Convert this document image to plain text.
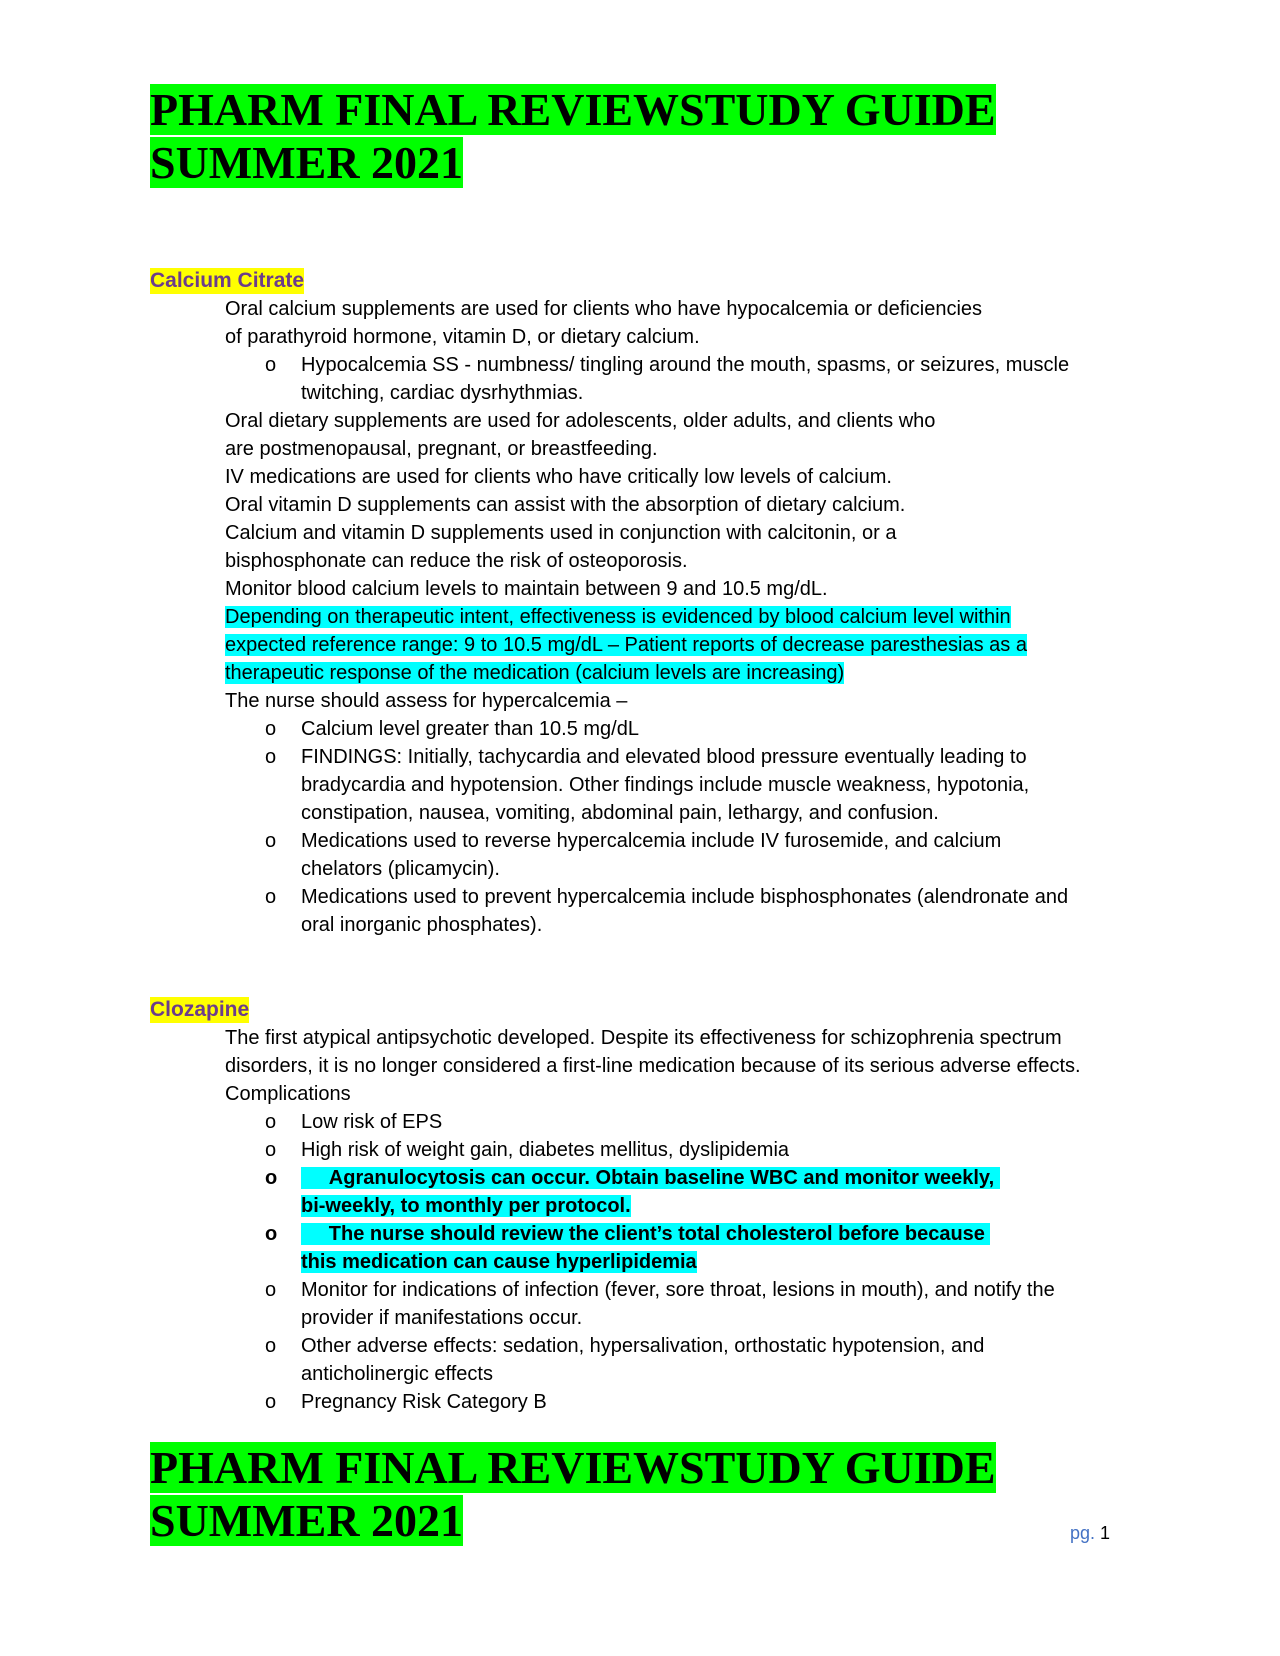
PHARM FINAL REVIEWSTUDY GUIDE
SUMMER 2021
Calcium Citrate

Oral calcium supplements are used for clients who have hypocalcemia or deficiencies

of parathyroid hormone, vitamin D, or dietary calcium.

o Hypocalcemia SS - numbness/ tingling around the mouth, spasms, or seizures, muscle twitching, cardiac dysrhythmias.

Oral dietary supplements are used for adolescents, older adults, and clients who

are postmenopausal, pregnant, or breastfeeding.

IV medications are used for clients who have critically low levels of calcium.

Oral vitamin D supplements can assist with the absorption of dietary calcium.

Calcium and vitamin D supplements used in conjunction with calcitonin, or a

bisphosphonate can reduce the risk of osteoporosis.

Monitor blood calcium levels to maintain between 9 and 10.5 mg/dL.

Depending on therapeutic intent, effectiveness is evidenced by blood calcium level within expected reference range: 9 to 10.5 mg/dL – Patient reports of decrease paresthesias as a therapeutic response of the medication (calcium levels are increasing)

The nurse should assess for hypercalcemia –

o Calcium level greater than 10.5 mg/dL
o FINDINGS: Initially, tachycardia and elevated blood pressure eventually leading to bradycardia and hypotension. Other findings include muscle weakness, hypotonia, constipation, nausea, vomiting, abdominal pain, lethargy, and confusion.
o Medications used to reverse hypercalcemia include IV furosemide, and calcium chelators (plicamycin).
o Medications used to prevent hypercalcemia include bisphosphonates (alendronate and oral inorganic phosphates).
Clozapine

The first atypical antipsychotic developed. Despite its effectiveness for schizophrenia spectrum disorders, it is no longer considered a first-line medication because of its serious adverse effects.

Complications

o Low risk of EPS
o High risk of weight gain, diabetes mellitus, dyslipidemia
o Agranulocytosis can occur. Obtain baseline WBC and monitor weekly, bi-weekly, to monthly per protocol.
o The nurse should review the client’s total cholesterol before because this medication can cause hyperlipidemia
o Monitor for indications of infection (fever, sore throat, lesions in mouth), and notify the provider if manifestations occur.
o Other adverse effects: sedation, hypersalivation, orthostatic hypotension, and anticholinergic effects
o Pregnancy Risk Category B
PHARM FINAL REVIEWSTUDY GUIDE
SUMMER 2021	pg. 1
